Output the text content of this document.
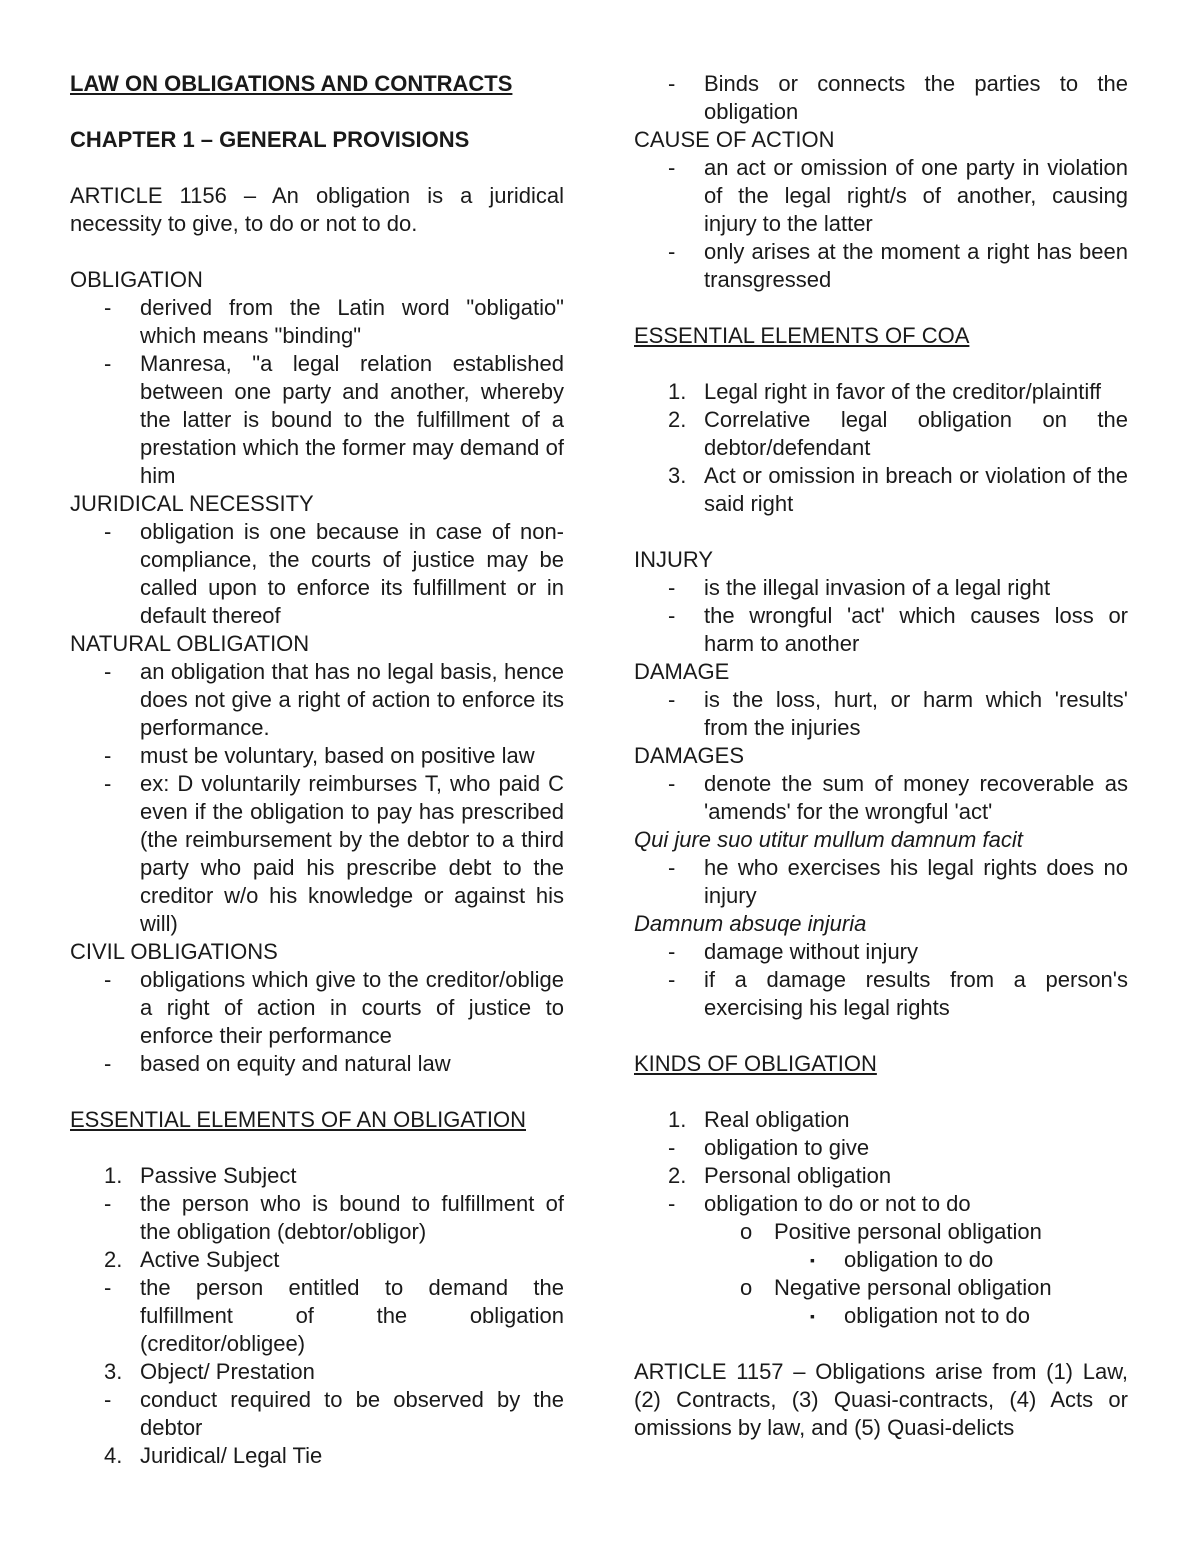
LAW ON OBLIGATIONS AND CONTRACTS

CHAPTER 1 – GENERAL PROVISIONS

ARTICLE 1156 – An obligation is a juridical necessity to give, to do or not to do.

OBLIGATION

- derived from the Latin word "obligatio" which means "binding"

- Manresa, "a legal relation established between one party and another, whereby the latter is bound to the fulfillment of a prestation which the former may demand of him

JURIDICAL NECESSITY

- obligation is one because in case of non-compliance, the courts of justice may be called upon to enforce its fulfillment or in default thereof

NATURAL OBLIGATION

- an obligation that has no legal basis, hence does not give a right of action to enforce its performance.

- must be voluntary, based on positive law

- ex: D voluntarily reimburses T, who paid C even if the obligation to pay has prescribed (the reimbursement by the debtor to a third party who paid his prescribe debt to the creditor w/o his knowledge or against his will)

CIVIL OBLIGATIONS

- obligations which give to the creditor/oblige a right of action in courts of justice to enforce their performance

- based on equity and natural law

ESSENTIAL ELEMENTS OF AN OBLIGATION

1. Passive Subject

- the person who is bound to fulfillment of the obligation (debtor/obligor)

2. Active Subject

- the person entitled to demand the fulfillment of the obligation (creditor/obligee)

3. Object/ Prestation

- conduct required to be observed by the debtor

4. Juridical/ Legal Tie

- Binds or connects the parties to the obligation

CAUSE OF ACTION

- an act or omission of one party in violation of the legal right/s of another, causing injury to the latter

- only arises at the moment a right has been transgressed

ESSENTIAL ELEMENTS OF COA

1. Legal right in favor of the creditor/plaintiff

2. Correlative legal obligation on the debtor/defendant

3. Act or omission in breach or violation of the said right

INJURY

- is the illegal invasion of a legal right

- the wrongful 'act' which causes loss or harm to another

DAMAGE

- is the loss, hurt, or harm which 'results' from the injuries

DAMAGES

- denote the sum of money recoverable as 'amends' for the wrongful 'act'

Qui jure suo utitur mullum damnum facit

- he who exercises his legal rights does no injury

Damnum absuqe injuria

- damage without injury

- if a damage results from a person's exercising his legal rights

KINDS OF OBLIGATION

1. Real obligation

- obligation to give

2. Personal obligation

- obligation to do or not to do

o Positive personal obligation

▪ obligation to do

o Negative personal obligation

▪ obligation not to do

ARTICLE 1157 – Obligations arise from (1) Law, (2) Contracts, (3) Quasi-contracts, (4) Acts or omissions by law, and (5) Quasi-delicts
